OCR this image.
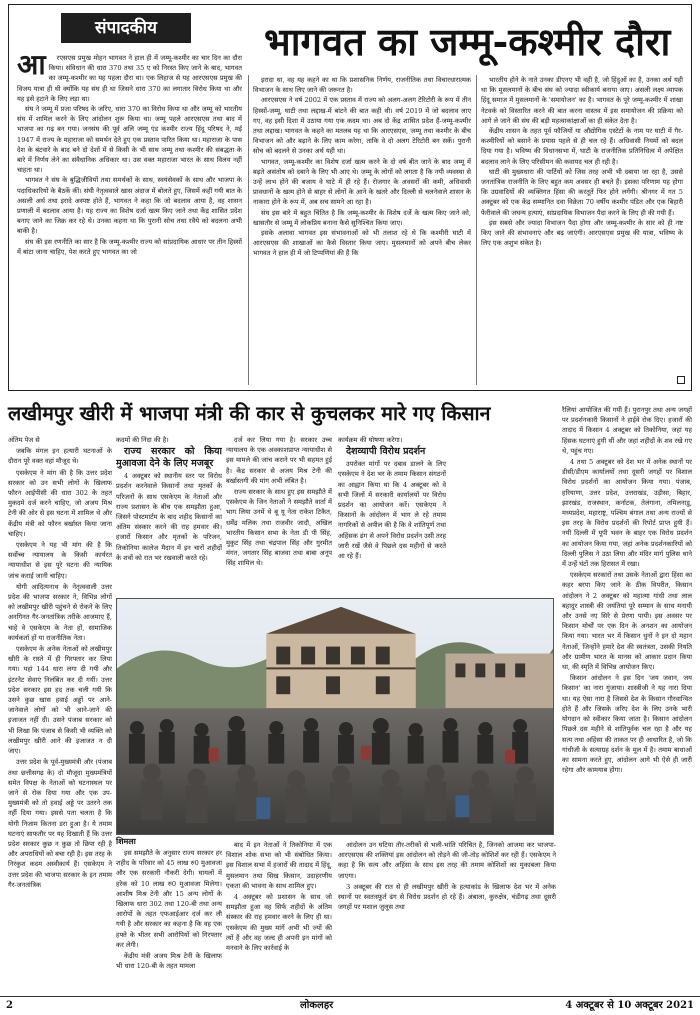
संपादकीय	भागवत का जम्मू-कश्मीर दौरा

आ रएसएस प्रमुख मोहन भागवत ने हाल ही में जम्मू-कश्मीर का चार दिन का दौरा किया। संविधान की धारा 370 तथा 35 ए को निरस्त किए जाने के बाद, भागवत का जम्मू-कश्मीर का यह पहला दौरा था। एक लिहाज से यह आरएसएस प्रमुख की विजय यात्रा ही थी क्योंकि यह संघ ही था जिसने धारा 370 का लगातार विरोध किया था और यह इसे हटाने के लिए लड़ा था।

संघ ने जम्मू में प्रजा परिषद के जरिए, धारा 370 का विरोध किया था और जम्मू को भारतीय संघ में शामिल करने के लिए आंदोलन शुरू किया था। जम्मू पहले आरएसएस तथा बाद में भाजपा का गढ़ बन गया। जनसंघ की पूर्व अलि जम्मू एंड कश्मीर राज्य हिंदू परिषद ने, मई 1947 में राज्य के महाराजा को समर्थन देते हुए एक प्रस्ताव पारित किया था। महाराजा के पास देश के बंटवारे के बाद बने दो देशों में से किसी के भी साथ जम्मू तथा कश्मीर की संबद्धता के बारे में निर्णय लेने का संवैधानिक अधिकार था। उस वक्त महाराजा भारत के साथ विलय नहीं चाहता था।

भागवत ने संघ के बुद्धिजीवियों तथा समर्थकों के साथ, स्वयंसेवकों के साथ और भाजपा के पदाधिकारियों के बैठकें कीं। संघी नेतृत्ववाले खास अंदाज में बोलते हुए, जिसमें कहीं गयी बात के असली अर्थ तथा इरादे अस्पष्ट होते हैं, भागवत ने कहा कि जो बदलाव आया है, वह शासन प्रणाली में बदलाव आया है। यह राज्य का विशेष दर्जा खत्म किए जाने तथा केंद्र शासित प्रदेश बनाए जाने का जिक्र कर रहे थे। उनका कहना था कि पुरानी सोच तथा रवैये को बदलना अभी बाकी है।

संघ की इस रणनीति का सार है कि जम्मू-कश्मीर राज्य को सांप्रदायिक आधार पर तीन हिस्सों में बांटा जाना चाहिए, पेश करते हुए भागवत का जो

इरादा था, वह यह कहने का था कि प्रशासनिक निर्णय, राजनीतिक तथा विचारधारात्मक विभाजन के साथ लिए जाने की जरूरत है।

आरएसएस ने वर्ष 2002 में एक प्रस्ताव में राज्य को अलग-अलग टेरिटोरी के रूप में तीन हिस्सों-जम्मू, घाटी तथा लद्दाख-में बांटने की बात कही थी। वर्ष 2019 में जो बदलाव लाए गए, वह इसी दिशा में उठाया गया एक कदम था। अब दो केंद्र शासित प्रदेश हैं-जम्मू-कश्मीर तथा लद्दाख। भागवत के कहने का मतलब यह था कि आरएसएस, जम्मू तथा कश्मीर के बीच विभाजन को और बढ़ाने के लिए काम करेगा, ताकि वे दो अलग टेरिटोरी बन सकें। पुरानी सोच को बदलने से उनका अर्थ यही था।

भागवत, जम्मू-कश्मीर का विशेष दर्जा खत्म करने के दो वर्ष बीत जाने के बाद जम्मू में बढ़ते असंतोष को दबाने के लिए भी आए थे। जम्मू के लोगों को लगता है कि नयी व्यवस्था से उन्हें लाभ होने की बजाय वे घाटे में ही रहे हैं। रोजगार के अवसरों की कमी, अधिवासी प्रावधानों के खत्म होने से बाहर से लोगों के आने के खतरे और दिल्ली से चलनेवाले शासन के नाकारा होने के रूप में, अब सच सामने आ रहा है।

संघ इस बारे में बहुत चिंतित है कि जम्मू-कश्मीर के विशेष दर्जे के खत्म किए जाने को, खासतौर से जम्मू में लोकप्रिय बनाना कैसे सुनिश्चित किया जाए।

इसके अलावा भागवत इस संभावनाओं को भी तलाश रहे थे कि कश्मीरी घाटी में आरएसएस की शाखाओं का कैसे विस्तार किया जाए। मुसलमानों को अपने बीच लेकर भागवत ने हाल ही में जो टिप्पणियां की हैं कि

भारतीय होने के नाते उनका डीएनए भी वही है, जो हिंदुओं का है, उनका अर्थ यही था कि मुसलमानों के बीच संघ को ज्यादा स्वीकार्य बनाया जाए। असली लक्ष्य व्यापक हिंदू समाज में मुसलमानों के 'समायोजन' का है। भागवत के पूरे जम्मू-कश्मीर में शाखा नेटवर्क को विस्तारित करने की बात करना वास्तव में इस समायोजन की प्रक्रिया को आगे ले जाने की संघ की बड़ी महत्वाकांक्षाओं का ही संकेत देता है।

केंद्रीय शासन के तहत पूर्व फौजियों या औद्योगिक एस्टेटों के नाम पर घाटी में गैर-कश्मीरियों को बसाने के प्रयास पहले से ही चल रहे हैं। अधिवासी नियमों को बदल दिया गया है। भविष्य की विधानसभा में, घाटी के राजनीतिक प्रतिनिधित्व में अपेक्षित बदलाव लाने के लिए परिसीमन की कवायद चल ही रही है।

घाटी की मुख्यधारा की पार्टियों को जिस तरह अभी भी दबाया जा रहा है, उससे जनतांत्रिक राजनीति के लिए बहुत कम अवसर ही बचते हैं। इसका परिणाम यह होगा कि उग्रवादियों की व्यक्तिगत हिंसा की करतूतें फिर होने लगेंगी। श्रीनगर में गत 5 अक्टूबर को एक केंद्र सम्मानित दवा विक्रेता 70 वर्षीय कश्मीर पंडित और एक बिहारी फेरीवाले की जघन्य हत्याएं, सांप्रदायिक विभाजन पैदा करने के लिए ही की गयी हैं।

इस सबसे और ज्यादा विभाजन पैदा होगा और जम्मू-कश्मीर के सार को ही नष्ट किए जाने की संभावनाएं और बढ़ जाएंगी। आरएसएस प्रमुख की यात्रा, भविष्य के लिए एक अशुभ संकेत है।

लखीमपुर खीरी में भाजपा मंत्री की कार से कुचलकर मारे गए किसान

अंतिम पेज से

जबकि मंगल इन हत्यारी घटनाओं के दौरान पूरे वक्त वहां मौजूद थे।

एसकेएम ने मांग की है कि उत्तर प्रदेश सरकार को उन सभी लोगों के खिलाफ फौरन आईपीसी की धारा 302 के तहत मुकदमे दर्ज करने चाहिए, जो अजय मिश्र टेनी की ओर से इस घटना में शामिल थे और केंद्रीय मंत्री को फौरन बर्खास्त किया जाना चाहिए।

एसकेएम ने यह भी मांग की है कि सर्वोच्च न्यायालय के किसी कार्यरत न्यायाधीश से इस पूरे घटना की न्यायिक जांच कराई जानी चाहिए।

योगी आदित्यनाथ के नेतृत्ववाली उत्तर प्रदेश की भाजपा सरकार ने, विभिन्न लोगों को लखीमपुर खीरी पहुंचने से रोकने के लिए अनगिनत गैर-जनतांत्रिक तरीके आजमाए हैं, चाहे वे एसकेएम के नेता हों, सामाजिक कार्यकर्ता हों या राजनीतिक नेता।

एसकेएम के अनेक नेताओं को लखीमपुर खीरी के रास्ते में ही गिरफ्तार कर लिया गया। यहां 144 धारा लगा दी गयी और इंटरनेट सेवाएं निलंबित कर दी गयीं। उत्तर प्रदेश सरकार इस हद तक चली गयी कि उसने कुछ खास हवाई अड्डों पर आने-जानेवाले लोगों को भी आने-जाने की इजाजत नहीं दी। उसने पंजाब सरकार को भी लिखा कि पंजाब से किसी भी व्यक्ति को लखीमपुर खीरी आने की इजाजत न दी जाए।

उत्तर प्रदेश के पूर्व-मुख्यमंत्री और (पंजाब तथा छत्तीसगढ़ के) दो मौजूदा मुख्यमंत्रियों समेत विपक्ष के नेताओं को घटनास्थल पर जाने से रोक दिया गया और एक उप-मुख्यमंत्री को तो हवाई अड्डे पर उतरने तक नहीं दिया गया। इससे पता चलता है कि योगी निजाम कितना डरा हुआ है। ये तमाम घटनाएं साफतौर पर यह दिखाती हैं कि उत्तर प्रदेश सरकार कुछ न कुछ तो छिपा रही है और अपराधियों को बचा रही है। इस तरह के निरंकुश कदम अस्वीकार्य हैं। एसकेएम ने उत्तर प्रदेश की भाजपा सरकार के इन तमाम गैर-जनतांत्रिक

कदमों की निंदा की है।

राज्य सरकार को किया मुआवजा देने के लिए मजबूर

4 अक्टूबर को स्थानीय स्तर पर विरोध प्रदर्शन करनेवाले किसानों तथा मृतकों के परिजनों के साथ एसकेएम के नेताओं और राज्य प्रशासन के बीच एक समझौता हुआ, जिसने पोस्टमार्टम के बाद शहीद किसानों का अंतिम संस्कार करने की राह हमवार की। हजारों किसान और मृतकों के परिजन, तिकोनिया कालेज मैदान में इन चारों शहीदों के शवों को रात भर रखवाली करते रहे।

दर्ज कर लिया गया है। सरकार उच्च न्यायालय के एक अवकाशप्राप्त न्यायाधीश से इस मामले की जांच कराने पर भी सहमत हुई है। केंद्र सरकार से अजय मिश्र टेनी की बर्खास्तगी की मांग अभी लंबित है।

राज्य सरकार के साथ हुए इस समझौते में एसकेएम के जिन नेताओं ने समझौते वार्ता में भाग लिया उनमें थे बू यू नेता राकेश टिकैत, धर्मेंद्र मलिक तथा राजवीर जादौ, अखिल भारतीय किसान सभा के नेता डी पी सिंह, मुकुट सिंह तथा चंद्रपाल सिंह और गुरमीत मंगत, जगतार सिंह बाजवा तथा बाबा अनूप सिंह शामिल थे।

कार्यक्रम की घोषणा करेगा।

देशव्यापी विरोध प्रदर्शन

उपरोक्त मांगों पर दबाव डालने के लिए एसकेएम ने देश भर के तमाम किसान संगठनों का आह्वान किया था कि 4 अक्टूबर को वे सभी जिलों में सरकारी कार्यालयों पर विरोध प्रदर्शन का आयोजन करें। एसकेएम ने किसानों के आंदोलन में भाग ले रहे तमाम नागरिकों से अपील की है कि वे शांतिपूर्ण तथा अहिंसक ढंग से अपने विरोध प्रदर्शन उसी तरह जारी रखें जैसे वे पिछले दस महीनों से करते आ रहे हैं।

रैलियां आयोजित की गयी हैं। पुरानपुर तथा अन्य जगहों पर प्रदर्शनकारी किसानों ने हाईवे रोक दिए। हजारों की तादाद में किसान 4 अक्टूबर को तिकोनिया, जहां यह हिंसक घटनाएं हुयी थीं और जहां शहीदों के शव रखे गए थे, पहुंच गए।

4 तथा 5 अक्टूबर को देश भर में अनेक स्थानों पर डीसी/डीएम कार्यालयों तथा दूसरी जगहों पर विशाल विरोध प्रदर्शनों का आयोजन किया गया। पंजाब, हरियाणा, उत्तर प्रदेश, उत्तराखंड, उड़ीसा, बिहार, झारखंड, राजस्थान, कर्नाटक, तेलंगाना, तमिलनाडु, मध्यप्रदेश, महाराष्ट्र, पश्चिम बंगाल तथा अन्य राज्यों से इस तरह के विरोध प्रदर्शनों की रिपोर्ट प्राप्त हुयी हैं। नयी दिल्ली में यूपी भवन के बाहर एक विरोध प्रदर्शन का आयोजन किया गया, जहां अनेक प्रदर्शनकारियों को दिल्ली पुलिस ने उठा लिया और मंदिर मार्ग पुलिस थाने में उन्हें घंटों तक हिरासत में रखा।

एसकेएम सरकारों तथा उसके नेताओं द्वारा हिंसा का कहर बरपा किए जाने के ठीक विपरीत, किसान आंदोलन ने 2 अक्टूबर को महात्मा गांधी तथा लाल बहादुर शास्त्री की जयंतियां पूरे सम्मान के साथ मनायी और उनसे नए सिरे से प्रेरणा पायी। इस अवसर पर किसान मोर्चों पर एक दिन के अनशन का आयोजन किया गया। भारत भर में किसान धुनों ने इन दो महान नेताओं, जिन्होंने हमारे देश की स्वतंत्रता, उसकी नियति और ग्रामीण भारत के मानस को आकार प्रदान किया था, की स्मृति में विभिन्न आयोजन किए।

किसान आंदोलन ने इस दिन 'जय जवान, जय किसान' का नारा गुंजाया। शास्त्रीजी ने यह नारा दिया था। यह ऐसा नारा है जिससे देश के किसान गौरवान्वित होते हैं और जिसके जरिए देश के लिए उनके भारी योगदान को स्वीकार किया जाता है। किसान आंदोलन पिछले दस महीने से शांतिपूर्वक चल रहा है और यह सत्य तथा अहिंसा की ताकत पर ही आधारित है, जो कि गांधीजी के सत्याग्रह दर्शन के मूल में है। तमाम बाधाओं का सामना करते हुए, आंदोलन आगे भी ऐसे ही जारी रहेगा और कामयाब होगा।

शिमला

इस समझौते के अनुसार राज्य सरकार हर शहीद के परिवार को 45 लाख रु0 मुआवजा और एक सरकारी नौकरी देगी। घायलों में हरेक को 10 लाख रु0 मुआवजा मिलेगा। आशीष मिश्र टेनी और 15 अन्य लोगों के खिलाफ धारा 302 तथा 120-बी तथा अन्य आरोपों के तहत एफआईआर दर्ज कर ली गयी है और सरकार का कहना है कि वह एक हफ्ते के भीतर सभी आरोपियों को गिरफ्तार कर लेगी।

केंद्रीय मंत्री अजय मिश्र टेनी के खिलाफ भी धारा 120-बी के तहत मामला

बाद में इन नेताओं ने तिकोनिया में एक विशाल शोक सभा को भी संबोधित किया। इस विशाल सभा में हजारों की तादाद में हिंदू, मुसलमान तथा सिख किसान, उदाहरणीय एकता की भावना के साथ शामिल हुए।

4 अक्टूबर को प्रशासन के साथ जो समझौता हुआ वह सिर्फ शहीदों के अंतिम संस्कार की राह हमवार करने के लिए ही था। एसकेएम की मुख्य मांगें अभी भी ज्यों की त्यों हैं और वह जल्द ही अपनी इन मांगों को मनवाने के लिए कार्रवाई के

आंदोलन उन घटिया तौर-तरीकों से भली-भांति परिचित है, जिनको आजमा कर भाजपा-आरएसएस की शक्तियां इस आंदोलन को तोड़ने की जी-तोड़ कोशिशें कर रही हैं। एसकेएम ने कहा है कि सत्य और अहिंसा के साथ इस तरह की तमाम कोशिशों का मुकाबला किया जाएगा।

3 अक्टूबर की रात से ही लखीमपुर खीरी के हत्याकांड के खिलाफ देश भर में अनेक स्थानों पर स्वतःस्फूर्त ढंग से विरोध प्रदर्शन हो रहे हैं। अंबाला, कुरुक्षेत्र, चंडीगढ़ तथा दूसरी जगहों पर मशाल जुलूस तथा

2	लोकलहर	4 अक्टूबर से 10 अक्टूबर 2021
